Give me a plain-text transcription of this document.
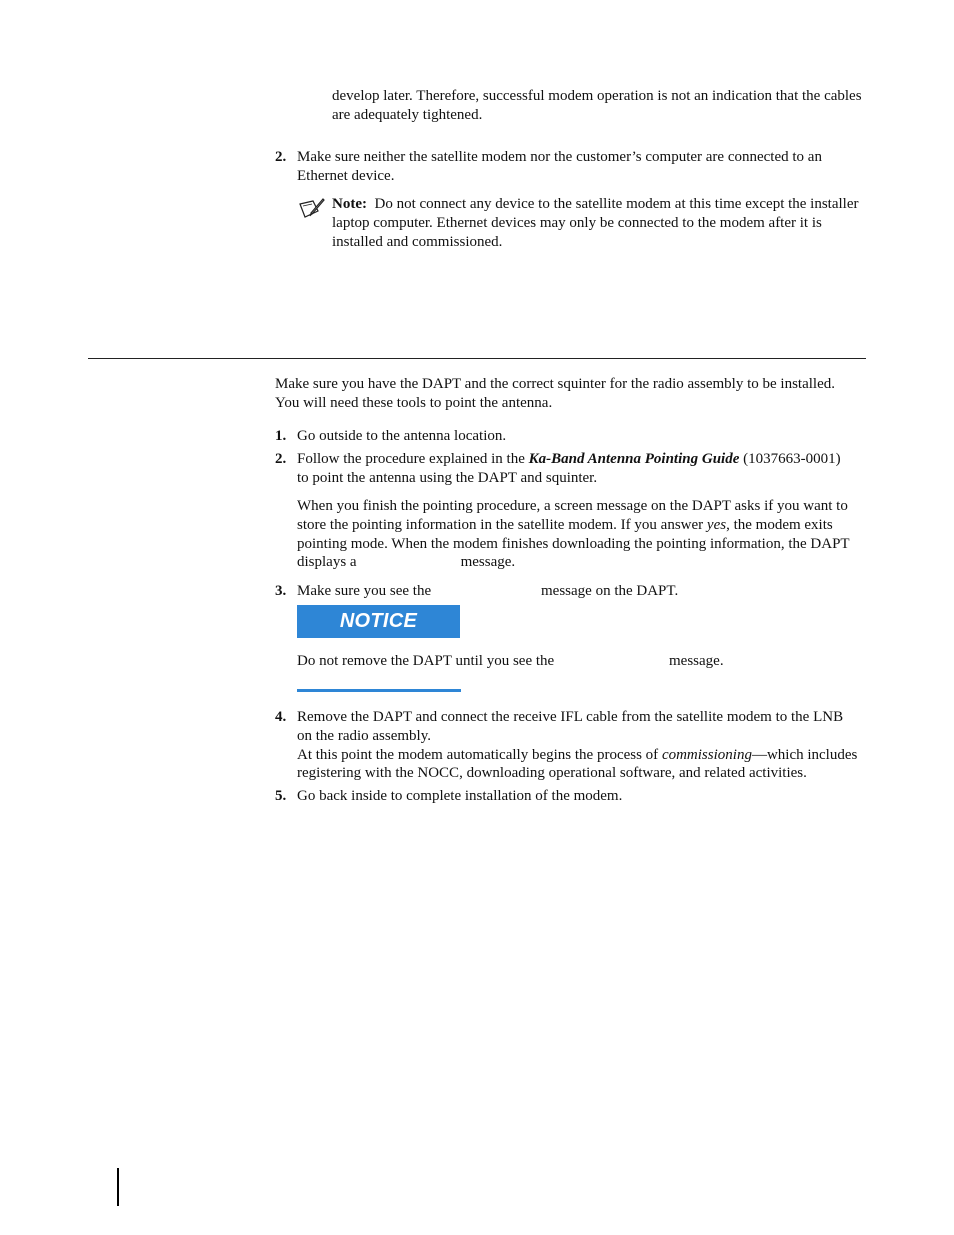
develop later. Therefore, successful modem operation is not an indication that the cables
are adequately tightened.
2. Make sure neither the satellite modem nor the customer’s computer are connected to an
Ethernet device.
Note: Do not connect any device to the satellite modem at this time except the installer
laptop computer. Ethernet devices may only be connected to the modem after it is
installed and commissioned.
Make sure you have the DAPT and the correct squinter for the radio assembly to be installed.
You will need these tools to point the antenna.
1. Go outside to the antenna location.
2. Follow the procedure explained in the Ka-Band Antenna Pointing Guide (1037663-0001)
to point the antenna using the DAPT and squinter.
When you finish the pointing procedure, a screen message on the DAPT asks if you want to
store the pointing information in the satellite modem. If you answer yes, the modem exits
pointing mode. When the modem finishes downloading the pointing information, the DAPT
displays a	message.
3. Make sure you see the	message on the DAPT.
NOTICE
Do not remove the DAPT until you see the	message.
4. Remove the DAPT and connect the receive IFL cable from the satellite modem to the LNB
on the radio assembly.
At this point the modem automatically begins the process of commissioning—which includes
registering with the NOCC, downloading operational software, and related activities.
5. Go back inside to complete installation of the modem.
